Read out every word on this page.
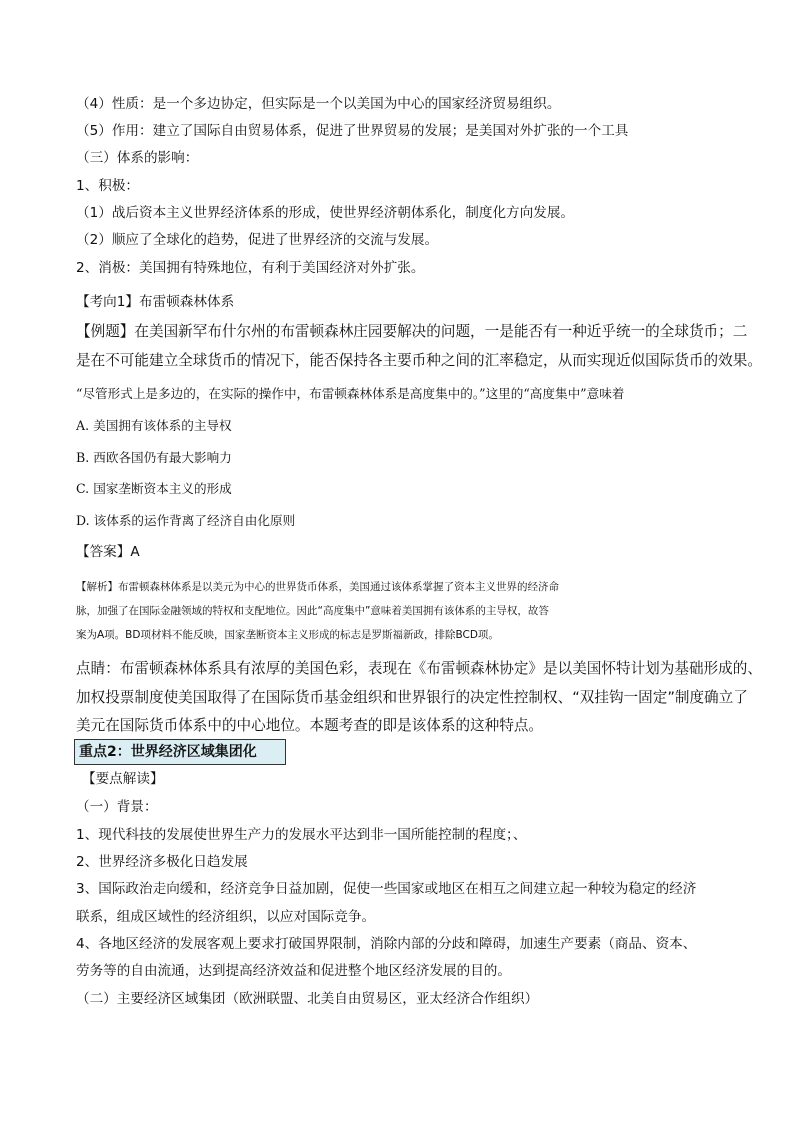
（4）性质：是一个多边协定，但实际是一个以美国为中心的国家经济贸易组织。
（5）作用：建立了国际自由贸易体系，促进了世界贸易的发展；是美国对外扩张的一个工具
（三）体系的影响：
1、积极：
（1）战后资本主义世界经济体系的形成，使世界经济朝体系化，制度化方向发展。
（2）顺应了全球化的趋势，促进了世界经济的交流与发展。
2、消极：美国拥有特殊地位，有利于美国经济对外扩张。
【考向1】布雷顿森林体系
【例题】在美国新罕布什尔州的布雷顿森林庄园要解决的问题，一是能否有一种近乎统一的全球货币；二
是在不可能建立全球货币的情况下，能否保持各主要币种之间的汇率稳定，从而实现近似国际货币的效果。
“尽管形式上是多边的，在实际的操作中，布雷顿森林体系是高度集中的。”这里的“高度集中”意味着
A. 美国拥有该体系的主导权
B. 西欧各国仍有最大影响力
C. 国家垄断资本主义的形成
D. 该体系的运作背离了经济自由化原则
【答案】A
【解析】布雷顿森林体系是以美元为中心的世界货币体系，美国通过该体系掌握了资本主义世界的经济命
脉，加强了在国际金融领域的特权和支配地位。因此“高度集中”意味着美国拥有该体系的主导权，故答
案为A项。BD项材料不能反映，国家垄断资本主义形成的标志是罗斯福新政，排除BCD项。
点睛：布雷顿森林体系具有浓厚的美国色彩，表现在《布雷顿森林协定》是以美国怀特计划为基础形成的、
加权投票制度使美国取得了在国际货币基金组织和世界银行的决定性控制权、“双挂钩一固定”制度确立了
美元在国际货币体系中的中心地位。本题考查的即是该体系的这种特点。
重点2：世界经济区域集团化
【要点解读】
（一）背景：
1、现代科技的发展使世界生产力的发展水平达到非一国所能控制的程度；、
2、世界经济多极化日趋发展
3、国际政治走向缓和，经济竞争日益加剧，促使一些国家或地区在相互之间建立起一种较为稳定的经济
联系，组成区域性的经济组织，以应对国际竞争。
4、各地区经济的发展客观上要求打破国界限制，消除内部的分歧和障碍，加速生产要素（商品、资本、
劳务等的自由流通，达到提高经济效益和促进整个地区经济发展的目的。
（二）主要经济区域集团（欧洲联盟、北美自由贸易区，亚太经济合作组织）
